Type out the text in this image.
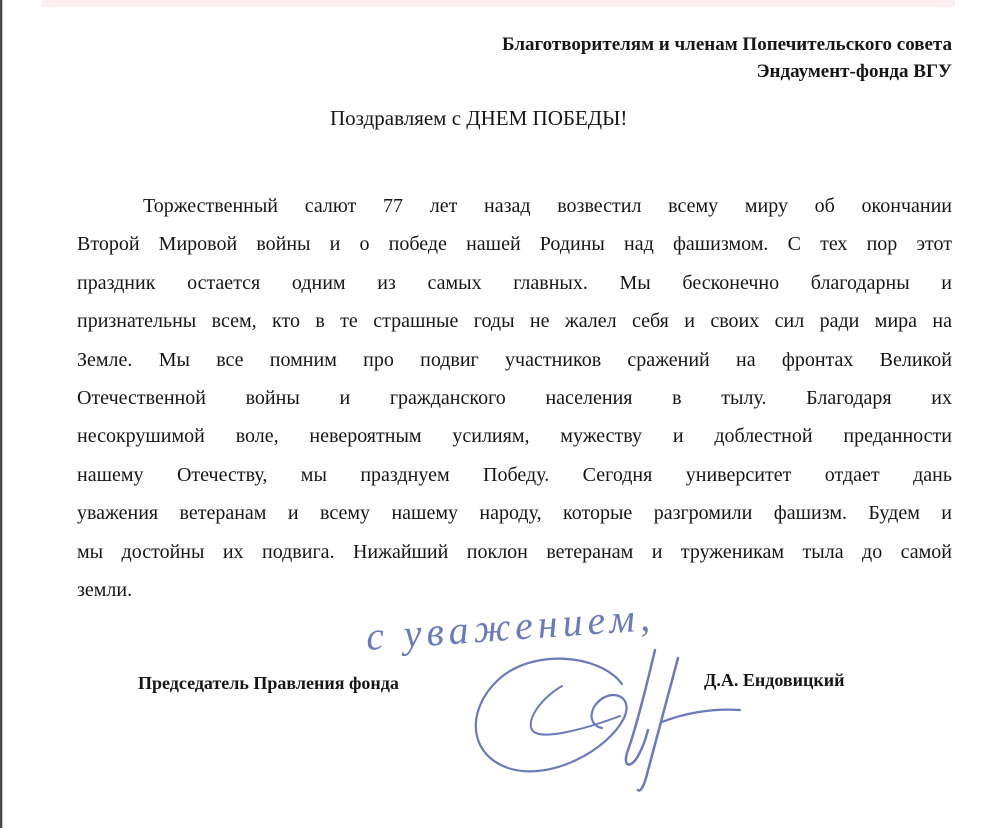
Благотворителям и членам Попечительского совета
Эндаумент-фонда ВГУ
Поздравляем с ДНЕМ ПОБЕДЫ!
Торжественный салют 77 лет назад возвестил всему миру об окончании
Второй Мировой войны и о победе нашей Родины над фашизмом. С тех пор этот
праздник остается одним из самых главных. Мы бесконечно благодарны и
признательны всем, кто в те страшные годы не жалел себя и своих сил ради мира на
Земле. Мы все помним про подвиг участников сражений на фронтах Великой
Отечественной войны и гражданского населения в тылу. Благодаря их
несокрушимой воле, невероятным усилиям, мужеству и доблестной преданности
нашему Отечеству, мы празднуем Победу. Сегодня университет отдает дань
уважения ветеранам и всему нашему народу, которые разгромили фашизм. Будем и
мы достойны их подвига. Нижайший поклон ветеранам и труженикам тыла до самой
земли.
Председатель Правления фонда	Д.А. Ендовицкий
с уважением,
